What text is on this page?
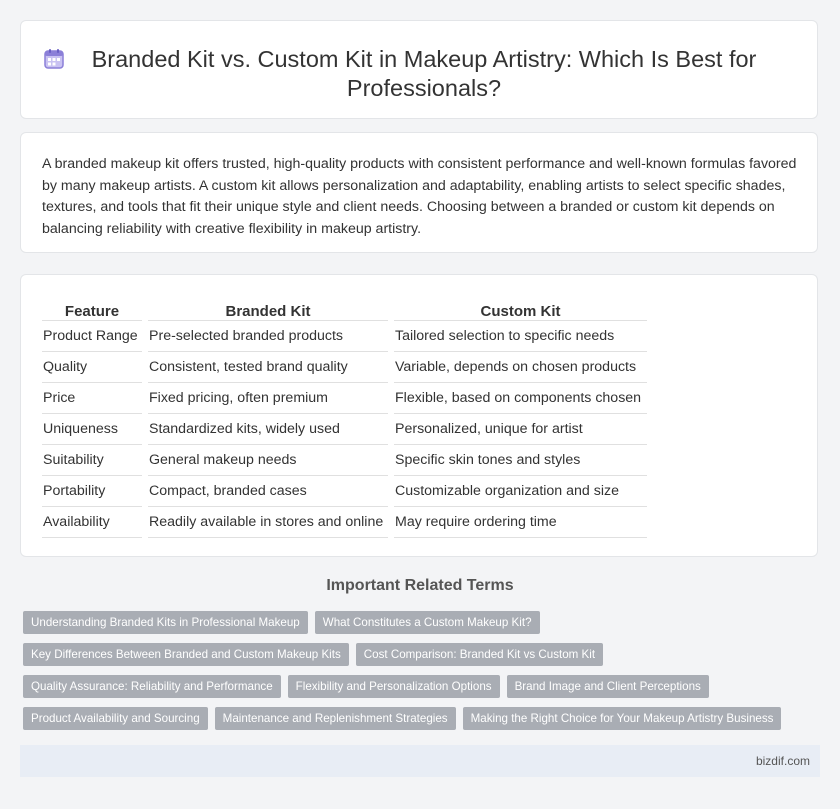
Branded Kit vs. Custom Kit in Makeup Artistry: Which Is Best for Professionals?

A branded makeup kit offers trusted, high-quality products with consistent performance and well-known formulas favored by many makeup artists. A custom kit allows personalization and adaptability, enabling artists to select specific shades, textures, and tools that fit their unique style and client needs. Choosing between a branded or custom kit depends on balancing reliability with creative flexibility in makeup artistry.

Feature	Branded Kit	Custom Kit
Product Range	Pre-selected branded products	Tailored selection to specific needs
Quality	Consistent, tested brand quality	Variable, depends on chosen products
Price	Fixed pricing, often premium	Flexible, based on components chosen
Uniqueness	Standardized kits, widely used	Personalized, unique for artist
Suitability	General makeup needs	Specific skin tones and styles
Portability	Compact, branded cases	Customizable organization and size
Availability	Readily available in stores and online	May require ordering time
Important Related Terms
Understanding Branded Kits in Professional Makeup	What Constitutes a Custom Makeup Kit?
Key Differences Between Branded and Custom Makeup Kits	Cost Comparison: Branded Kit vs Custom Kit
Quality Assurance: Reliability and Performance	Flexibility and Personalization Options	Brand Image and Client Perceptions
Product Availability and Sourcing	Maintenance and Replenishment Strategies	Making the Right Choice for Your Makeup Artistry Business
bizdif.com
